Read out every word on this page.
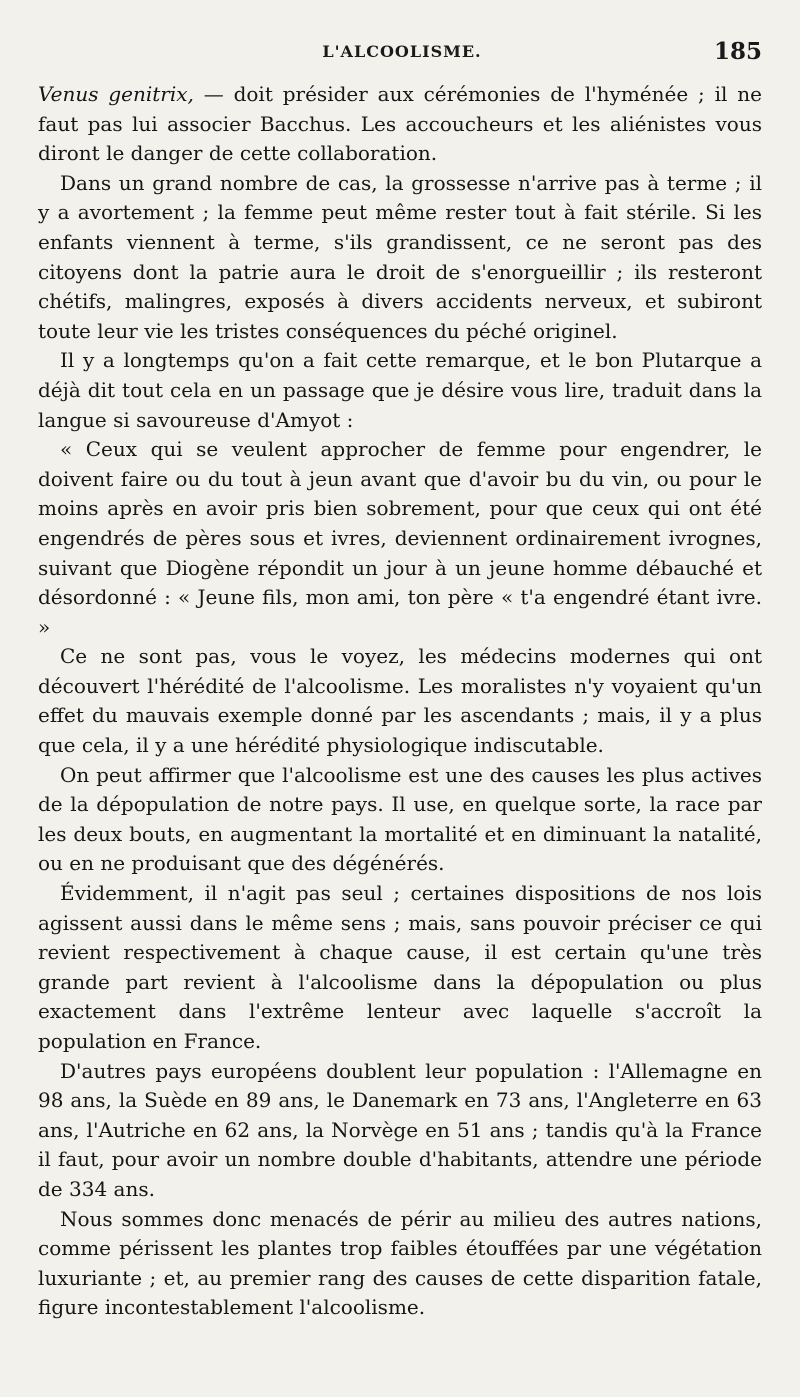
L'ALCOOLISME.	185

Venus genitrix, — doit présider aux cérémonies de l'hyménée ; il ne faut pas lui associer Bacchus. Les accoucheurs et les aliénistes vous diront le danger de cette collaboration.

Dans un grand nombre de cas, la grossesse n'arrive pas à terme ; il y a avortement ; la femme peut même rester tout à fait stérile. Si les enfants viennent à terme, s'ils grandissent, ce ne seront pas des citoyens dont la patrie aura le droit de s'enorgueillir ; ils resteront chétifs, malingres, exposés à divers accidents nerveux, et subiront toute leur vie les tristes conséquences du péché originel.

Il y a longtemps qu'on a fait cette remarque, et le bon Plutarque a déjà dit tout cela en un passage que je désire vous lire, traduit dans la langue si savoureuse d'Amyot :

« Ceux qui se veulent approcher de femme pour engendrer, le doivent faire ou du tout à jeun avant que d'avoir bu du vin, ou pour le moins après en avoir pris bien sobrement, pour que ceux qui ont été engendrés de pères sous et ivres, deviennent ordinairement ivrognes, suivant que Diogène répondit un jour à un jeune homme débauché et désordonné : « Jeune fils, mon ami, ton père « t'a engendré étant ivre. »

Ce ne sont pas, vous le voyez, les médecins modernes qui ont découvert l'hérédité de l'alcoolisme. Les moralistes n'y voyaient qu'un effet du mauvais exemple donné par les ascendants ; mais, il y a plus que cela, il y a une hérédité physiologique indiscutable.

On peut affirmer que l'alcoolisme est une des causes les plus actives de la dépopulation de notre pays. Il use, en quelque sorte, la race par les deux bouts, en augmentant la mortalité et en diminuant la natalité, ou en ne produisant que des dégénérés.

Évidemment, il n'agit pas seul ; certaines dispositions de nos lois agissent aussi dans le même sens ; mais, sans pouvoir préciser ce qui revient respectivement à chaque cause, il est certain qu'une très grande part revient à l'alcoolisme dans la dépopulation ou plus exactement dans l'extrême lenteur avec laquelle s'accroît la population en France.

D'autres pays européens doublent leur population : l'Allemagne en 98 ans, la Suède en 89 ans, le Danemark en 73 ans, l'Angleterre en 63 ans, l'Autriche en 62 ans, la Norvège en 51 ans ; tandis qu'à la France il faut, pour avoir un nombre double d'habitants, attendre une période de 334 ans.

Nous sommes donc menacés de périr au milieu des autres nations, comme périssent les plantes trop faibles étouffées par une végétation luxuriante ; et, au premier rang des causes de cette disparition fatale, figure incontestablement l'alcoolisme.
